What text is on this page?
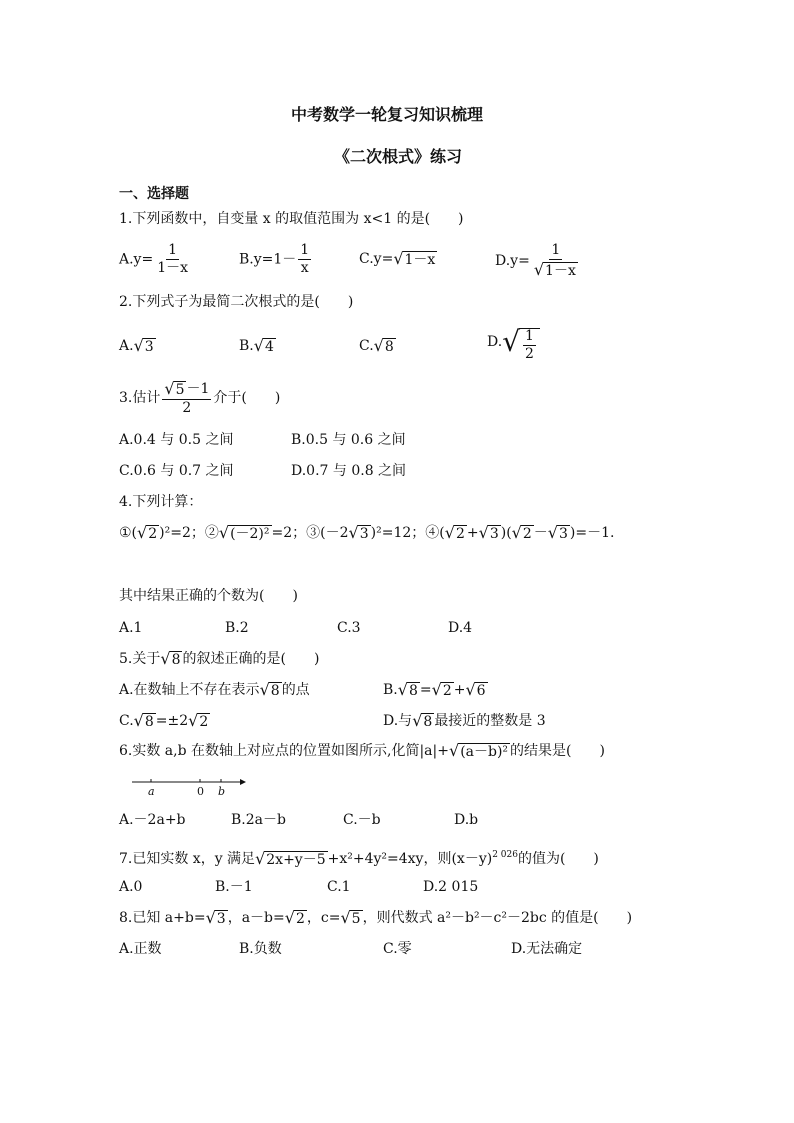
中考数学一轮复习知识梳理
《二次根式》练习
一、选择题
1.下列函数中，自变量 x 的取值范围为 x<1 的是(　　)
$A.y= \frac{1}{1-x}$	$B.y=1- \frac{1}{x}$	C.y= √ 1－x	$D.y= \frac{1}{√ 1-x}$
2.下列式子为最简二次根式的是(　　)
A. √ 3	B. √ 4	C. √ 8	D. √ $\frac{1}{2}$
3.估计 $\frac{√ 5 -1}{2}$ 介于(　　)
A.0.4 与 0.5 之间	B.0.5 与 0.6 之间
C.0.6 与 0.7 之间	D.0.7 与 0.8 之间
4.下列计算：
①( √ 2 )²=2；② √ (－2)² =2；③(－2 √ 3 )²=12；④( √ 2 + √ 3 )( √ 2 － √ 3 )=－1.
其中结果正确的个数为(　　)
A.1	B.2	C.3	D.4
5.关于 √ 8 的叙述正确的是(　　)
A.在数轴上不存在表示 √ 8 的点	B. √ 8 = √ 2 + √ 6
C. √ 8 =±2 √ 2	D.与 √ 8 最接近的整数是 3
6.实数 a,b 在数轴上对应点的位置如图所示,化简|a|+ √ (a－b)² 的结果是(　　)
a	0 b
A.－2a+b	B.2a－b	C.－b	D.b
7.已知实数 x，y 满足 √ 2x+y－5 +x²+4y²=4xy，则$(x-y)^{2 026}$的值为(　　)
A.0	B.－1	C.1	D.2 015
8.已知 a+b= √ 3 ，a－b= √ 2 ，c= √ 5 ，则代数式 a²－b²－c²－2bc 的值是(　　)
A.正数	B.负数	C.零	D.无法确定
